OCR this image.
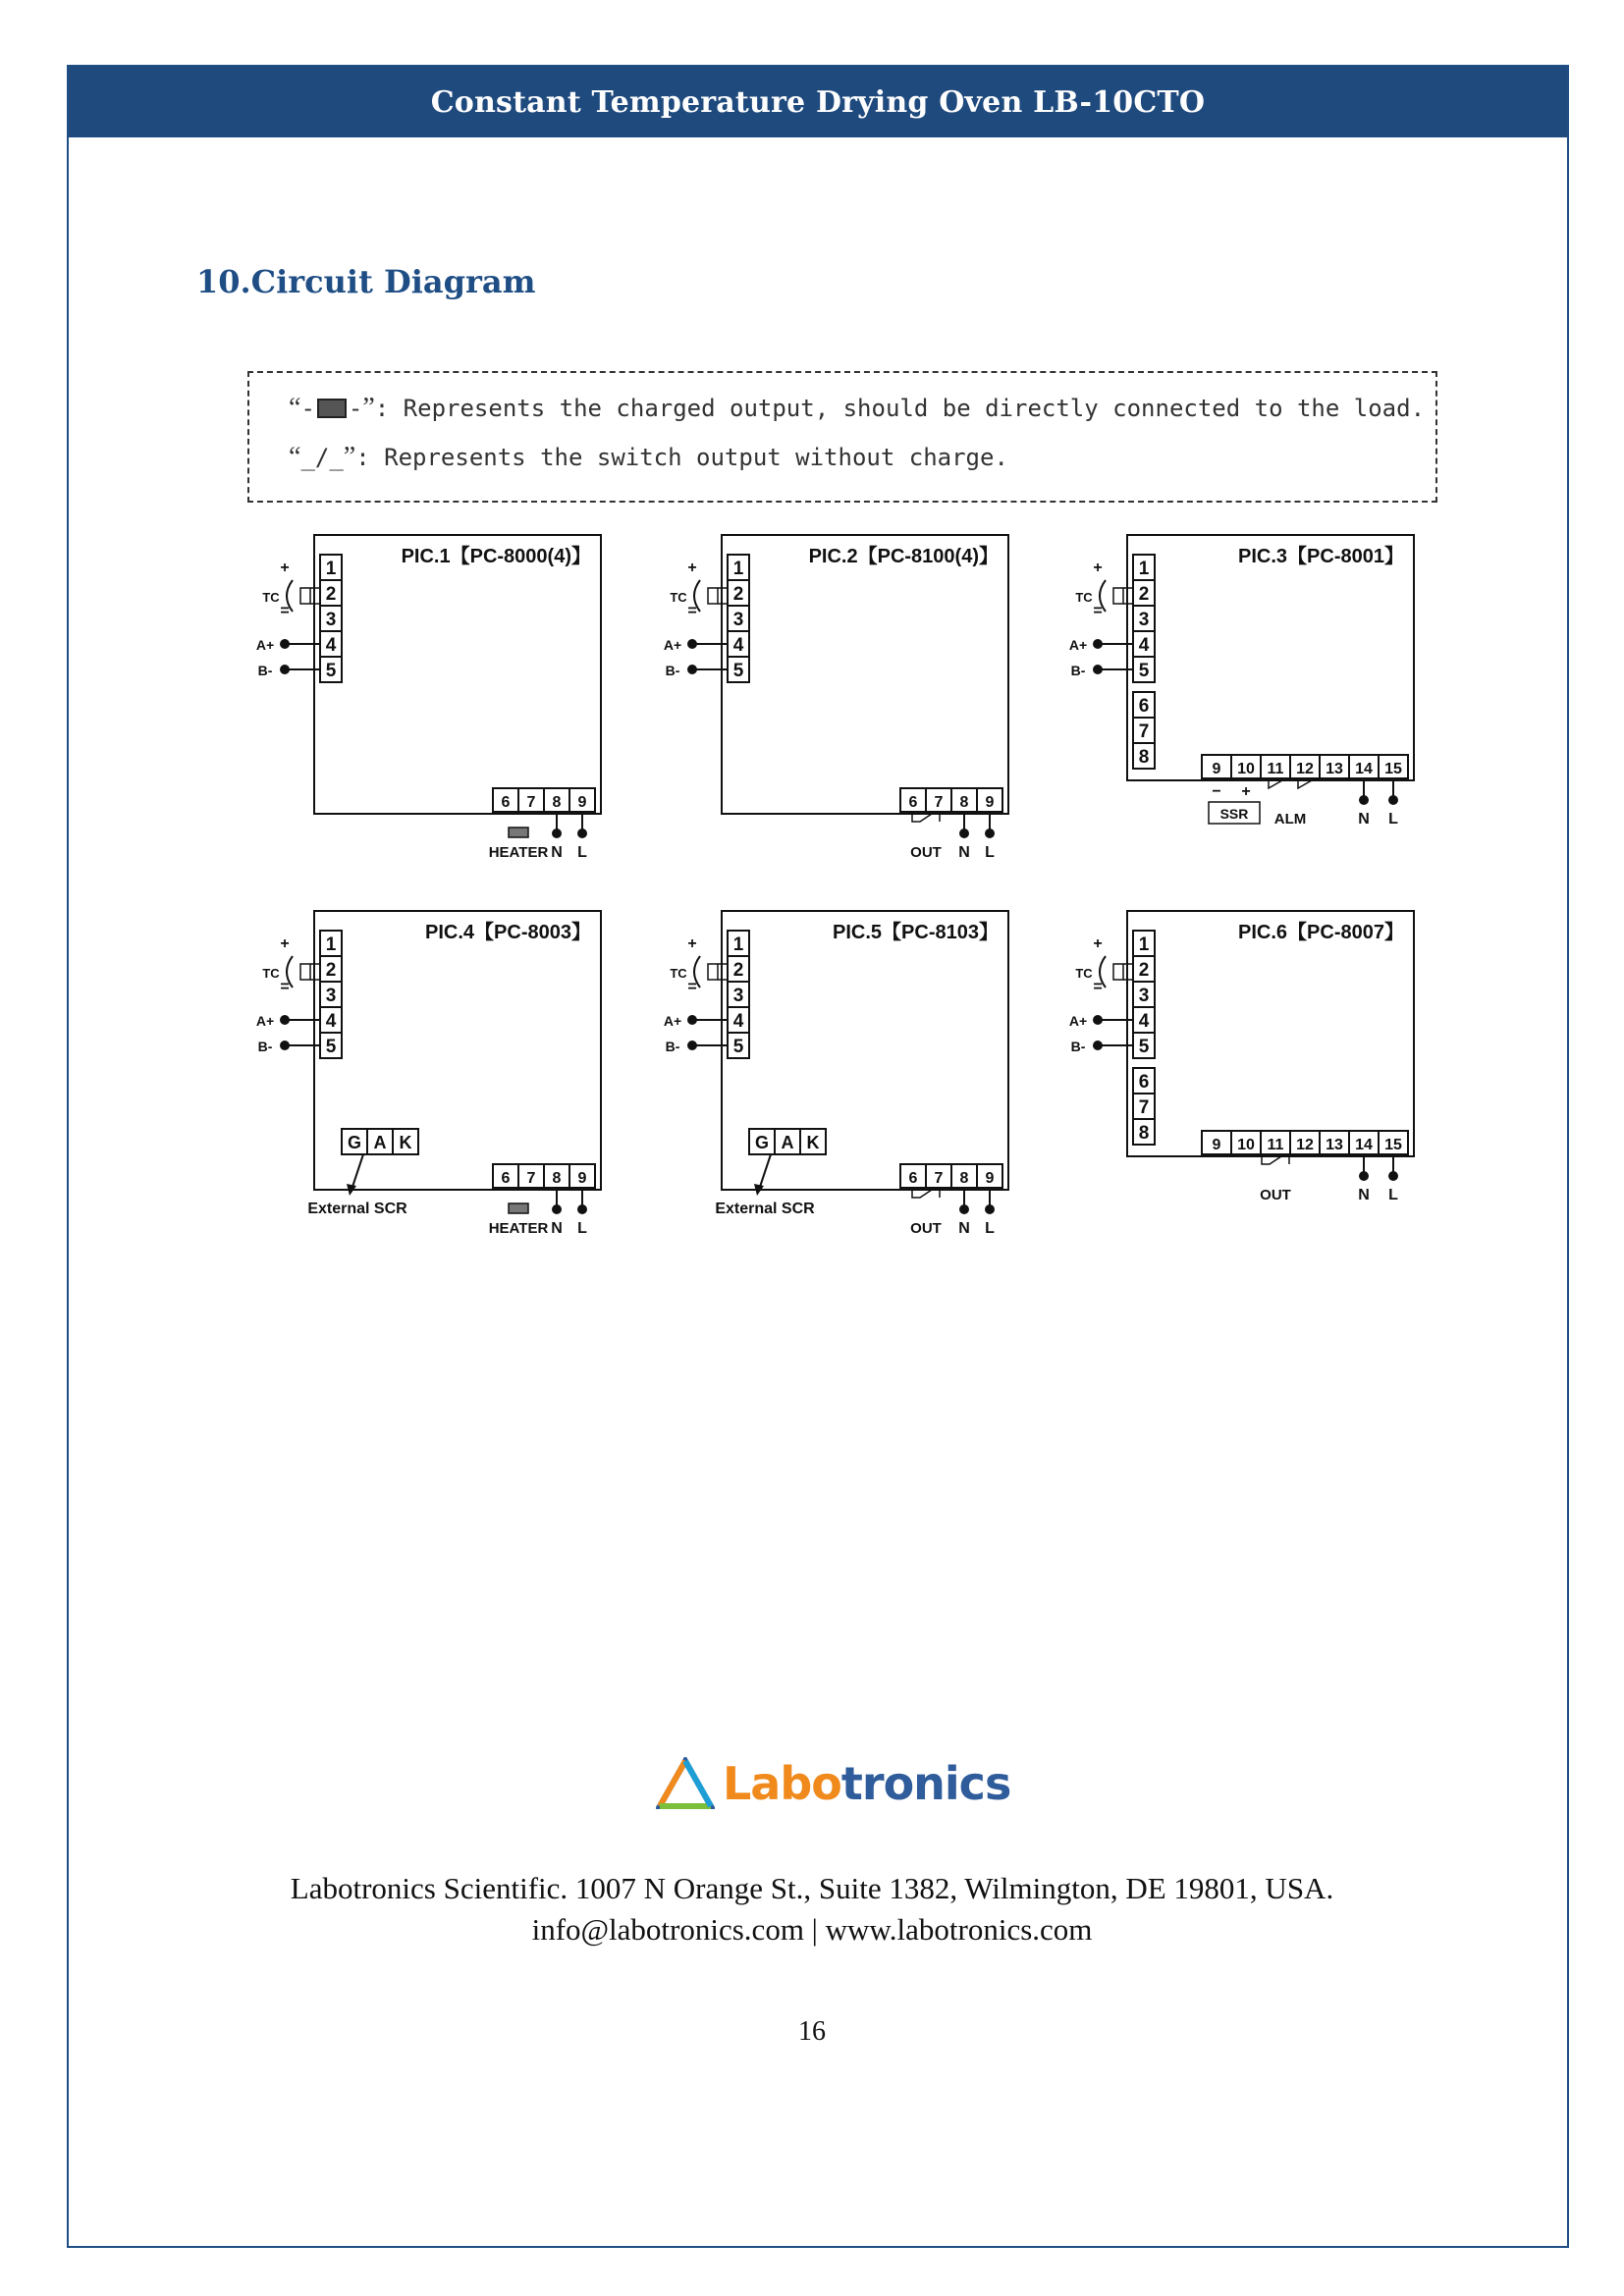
Constant Temperature Drying Oven LB-10CTO
10.Circuit Diagram
“ - - ” : Represents the charged output, should be directly connected to the load.
“ _/_ ” : Represents the switch output without charge.
PIC.1【PC-8000(4)】
1
2
3
4
5
TC
+
=
A+
B-
6 7 8 9
N L
HEATER
PIC.2【PC-8100(4)】
1
2
3
4
5
TC
+
=
A+
B-
6 7 8 9
N L
OUT
PIC.3【PC-8001】
1
2
3
4
5
6
7
8
TC
+
=
A+
B-
9 10 11 12 13 14 15
N L
− +
SSR ALM
PIC.4【PC-8003】
1
2
3
4
5
TC
+
=
A+
B-
6 7 8 9
N L
HEATER
G A K
External SCR
PIC.5【PC-8103】
1
2
3
4
5
TC
+
=
A+
B-
6 7 8 9
N L
OUT
G A K
External SCR
PIC.6【PC-8007】
1
2
3
4
5
6
7
8
TC
+
=
A+
B-
9 10 11 12 13 14 15
N L
OUT
Labotronics
Labotronics Scientific. 1007 N Orange St., Suite 1382, Wilmington, DE 19801, USA.
info@labotronics.com | www.labotronics.com
16
